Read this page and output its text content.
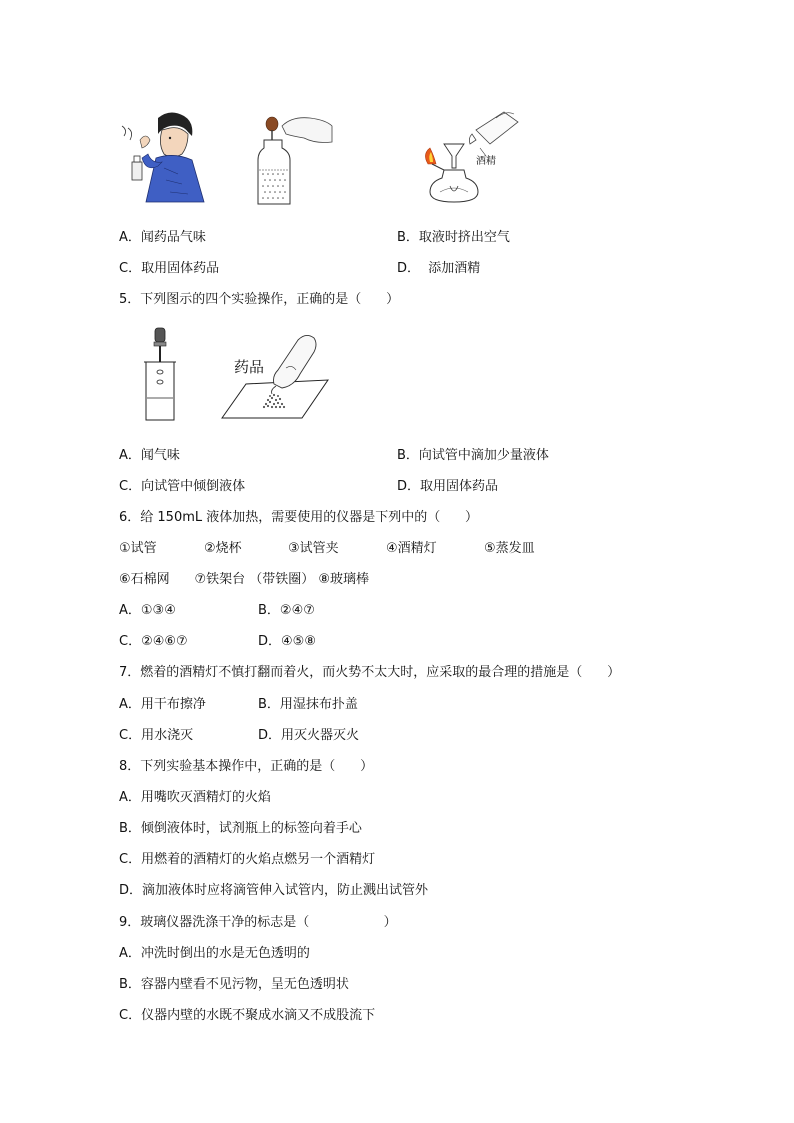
酒精
A．闻药品气味	B．取液时挤出空气
C．取用固体药品	D．  添加酒精
5．下列图示的四个实验操作，正确的是（      ）
药品
A．闻气味	B．向试管中滴加少量液体
C．向试管中倾倒液体	D．取用固体药品
6．给 150mL 液体加热，需要使用的仪器是下列中的（      ）
①试管	②烧杯	③试管夹	④酒精灯	⑤蒸发皿
⑥石棉网      ⑦铁架台 （带铁圈） ⑧玻璃棒
A．①③④	B．②④⑦
C．②④⑥⑦	D．④⑤⑧
7．燃着的酒精灯不慎打翻而着火，而火势不太大时，应采取的最合理的措施是（      ）
A．用干布擦净	B．用湿抹布扑盖
C．用水浇灭	D．用灭火器灭火
8．下列实验基本操作中，正确的是（      ）
A．用嘴吹灭酒精灯的火焰
B．倾倒液体时，试剂瓶上的标签向着手心
C．用燃着的酒精灯的火焰点燃另一个酒精灯
D．滴加液体时应将滴管伸入试管内，防止溅出试管外
9．玻璃仪器洗涤干净的标志是（                  ）
A．冲洗时倒出的水是无色透明的
B．容器内壁看不见污物，呈无色透明状
C．仪器内壁的水既不聚成水滴又不成股流下
